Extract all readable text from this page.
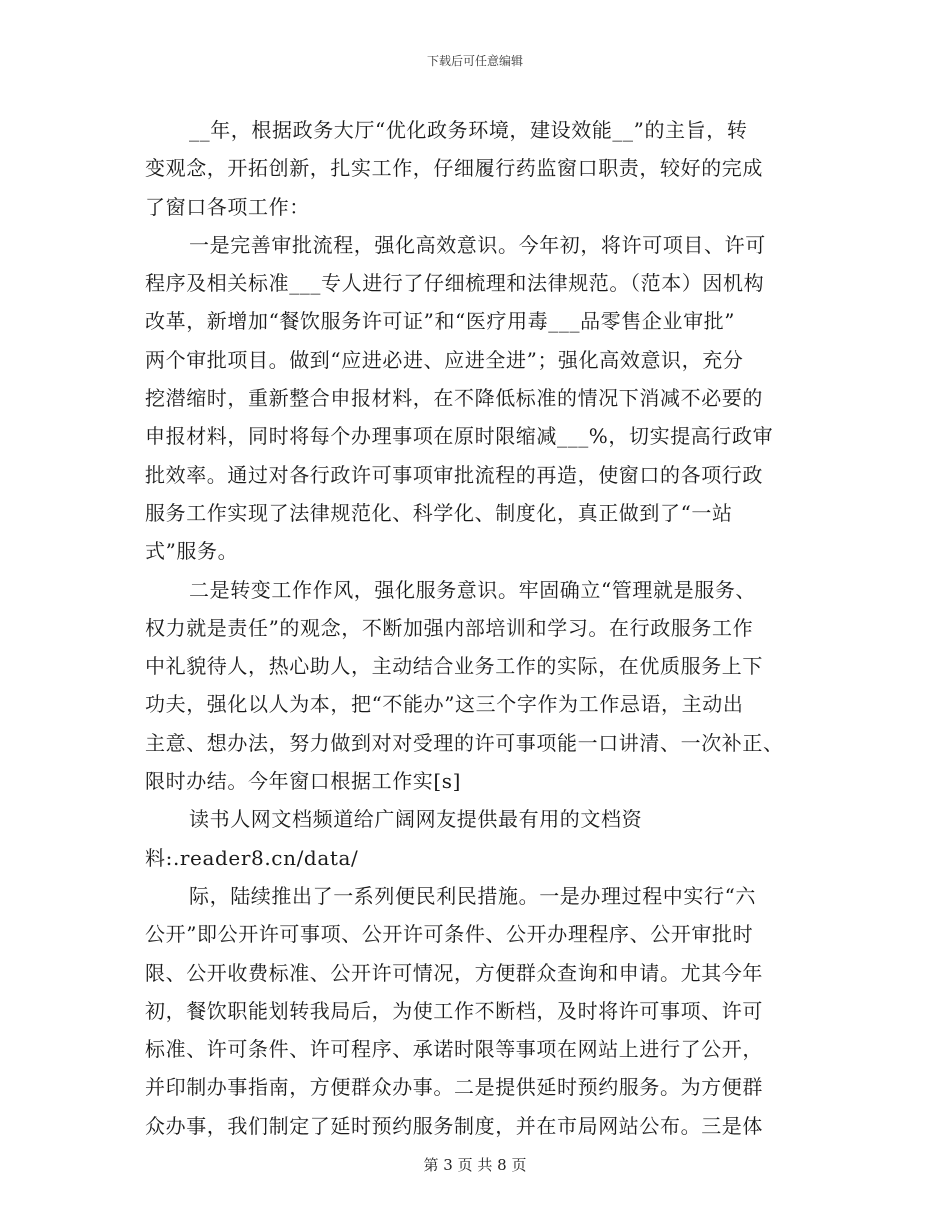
下载后可任意编辑
__年，根据政务大厅“优化政务环境，建设效能__”的主旨，转
变观念，开拓创新，扎实工作，仔细履行药监窗口职责，较好的完成
了窗口各项工作：
一是完善审批流程，强化高效意识。今年初，将许可项目、许可
程序及相关标准___专人进行了仔细梳理和法律规范。（范本）因机构
改革，新增加“餐饮服务许可证”和“医疗用毒___品零售企业审批”
两个审批项目。做到“应进必进、应进全进”；强化高效意识，充分
挖潜缩时，重新整合申报材料，在不降低标准的情况下消减不必要的
申报材料，同时将每个办理事项在原时限缩减___%，切实提高行政审
批效率。通过对各行政许可事项审批流程的再造，使窗口的各项行政
服务工作实现了法律规范化、科学化、制度化，真正做到了“一站
式”服务。
二是转变工作作风，强化服务意识。牢固确立“管理就是服务、
权力就是责任”的观念，不断加强内部培训和学习。在行政服务工作
中礼貌待人，热心助人，主动结合业务工作的实际，在优质服务上下
功夫，强化以人为本，把“不能办”这三个字作为工作忌语，主动出
主意、想办法，努力做到对对受理的许可事项能一口讲清、一次补正、
限时办结。今年窗口根据工作实[s]
读书人网文档频道给广阔网友提供最有用的文档资
料:.reader8.cn/data/
际，陆续推出了一系列便民利民措施。一是办理过程中实行“六
公开”即公开许可事项、公开许可条件、公开办理程序、公开审批时
限、公开收费标准、公开许可情况，方便群众查询和申请。尤其今年
初，餐饮职能划转我局后，为使工作不断档，及时将许可事项、许可
标准、许可条件、许可程序、承诺时限等事项在网站上进行了公开，
并印制办事指南，方便群众办事。二是提供延时预约服务。为方便群
众办事，我们制定了延时预约服务制度，并在市局网站公布。三是体
第 3 页 共 8 页
